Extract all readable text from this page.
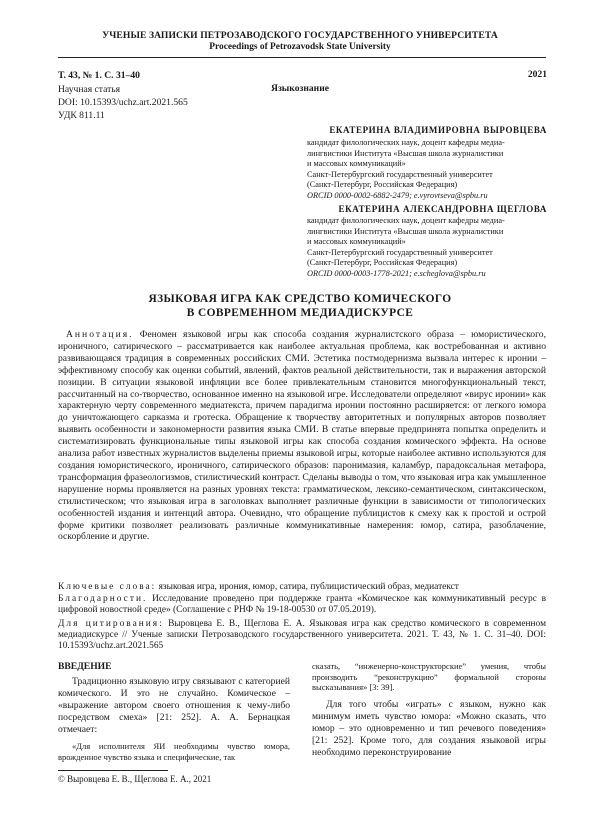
УЧЕНЫЕ ЗАПИСКИ ПЕТРОЗАВОДСКОГО ГОСУДАРСТВЕННОГО УНИВЕРСИТЕТА
Proceedings of Petrozavodsk State University
Т. 43, № 1. С. 31–40	2021
Научная статья	Языкознание
DOI: 10.15393/uchz.art.2021.565
УДК 811.11
ЕКАТЕРИНА ВЛАДИМИРОВНА ВЫРОВЦЕВА
кандидат филологических наук, доцент кафедры медиа-
лингвистики Института «Высшая школа журналистики
и массовых коммуникаций»
Санкт-Петербургский государственный университет
(Санкт-Петербург, Российская Федерация)
ORCID 0000-0002-6882-2479; e.vyrovtseva@spbu.ru
ЕКАТЕРИНА АЛЕКСАНДРОВНА ЩЕГЛОВА
кандидат филологических наук, доцент кафедры медиа-
лингвистики Института «Высшая школа журналистики
и массовых коммуникаций»
Санкт-Петербургский государственный университет
(Санкт-Петербург, Российская Федерация)
ORCID 0000-0003-1778-2021; e.scheglova@spbu.ru
ЯЗЫКОВАЯ ИГРА КАК СРЕДСТВО КОМИЧЕСКОГО
В СОВРЕМЕННОМ МЕДИАДИСКУРСЕ
Аннотация. Феномен языковой игры как способа создания журналистского образа – юмористического, ироничного, сатирического – рассматривается как наиболее актуальная проблема, как востребованная и активно развивающаяся традиция в современных российских СМИ. Эстетика постмодернизма вызвала интерес к иронии – эффективному способу как оценки событий, явлений, фактов реальной действительности, так и выражения авторской позиции. В ситуации языковой инфляции все более привлекательным становится многофункциональный текст, рассчитанный на со-творчество, основанное именно на языковой игре. Исследователи определяют «вирус иронии» как характерную черту современного медиатекста, причем парадигма иронии постоянно расширяется: от легкого юмора до уничтожающего сарказма и гротеска. Обращение к творчеству авторитетных и популярных авторов позволяет выявить особенности и закономерности развития языка СМИ. В статье впервые предпринята попытка определить и систематизировать функциональные типы языковой игры как способа создания комического эффекта. На основе анализа работ известных журналистов выделены приемы языковой игры, которые наиболее активно используются для создания юмористического, ироничного, сатирического образов: паронимазия, каламбур, парадоксальная метафора, трансформация фразеологизмов, стилистический контраст. Сделаны выводы о том, что языковая игра как умышленное нарушение нормы проявляется на разных уровнях текста: грамматическом, лексико-семантическом, синтаксическом, стилистическом; что языковая игра в заголовках выполняет различные функции в зависимости от типологических особенностей издания и интенций автора. Очевидно, что обращение публицистов к смеху как к простой и острой форме критики позволяет реализовать различные коммуникативные намерения: юмор, сатира, разоблачение, оскорбление и другие.
Ключевые слова: языковая игра, ирония, юмор, сатира, публицистический образ, медиатекст
Благодарности. Исследование проведено при поддержке гранта «Комическое как коммуникативный ресурс в цифровой новостной среде» (Соглашение с РНФ № 19-18-00530 от 07.05.2019).
Для цитирования: Выровцева Е. В., Щеглова Е. А. Языковая игра как средство комического в современном медиадискурсе // Ученые записки Петрозаводского государственного университета. 2021. Т. 43, № 1. С. 31–40. DOI: 10.15393/uchz.art.2021.565
ВВЕДЕНИЕ

Традиционно языковую игру связывают с категорией комического. И это не случайно. Комическое – «выражение автором своего отношения к чему-либо посредством смеха» [21: 252]. А. А. Бернацкая отмечает:

«Для исполнителя ЯИ необходимы чувство юмора, врожденное чувство языка и специфические, так

сказать, “инженерно-конструкторские” умения, чтобы производить “реконструкцию” формальной стороны высказывания» [3: 39].

Для того чтобы «играть» с языком, нужно как минимум иметь чувство юмора: «Можно сказать, что юмор – это одновременно и тип речевого поведения» [21: 252]. Кроме того, для создания языковой игры необходимо переконструирование

© Выровцева Е. В., Щеглова Е. А., 2021
